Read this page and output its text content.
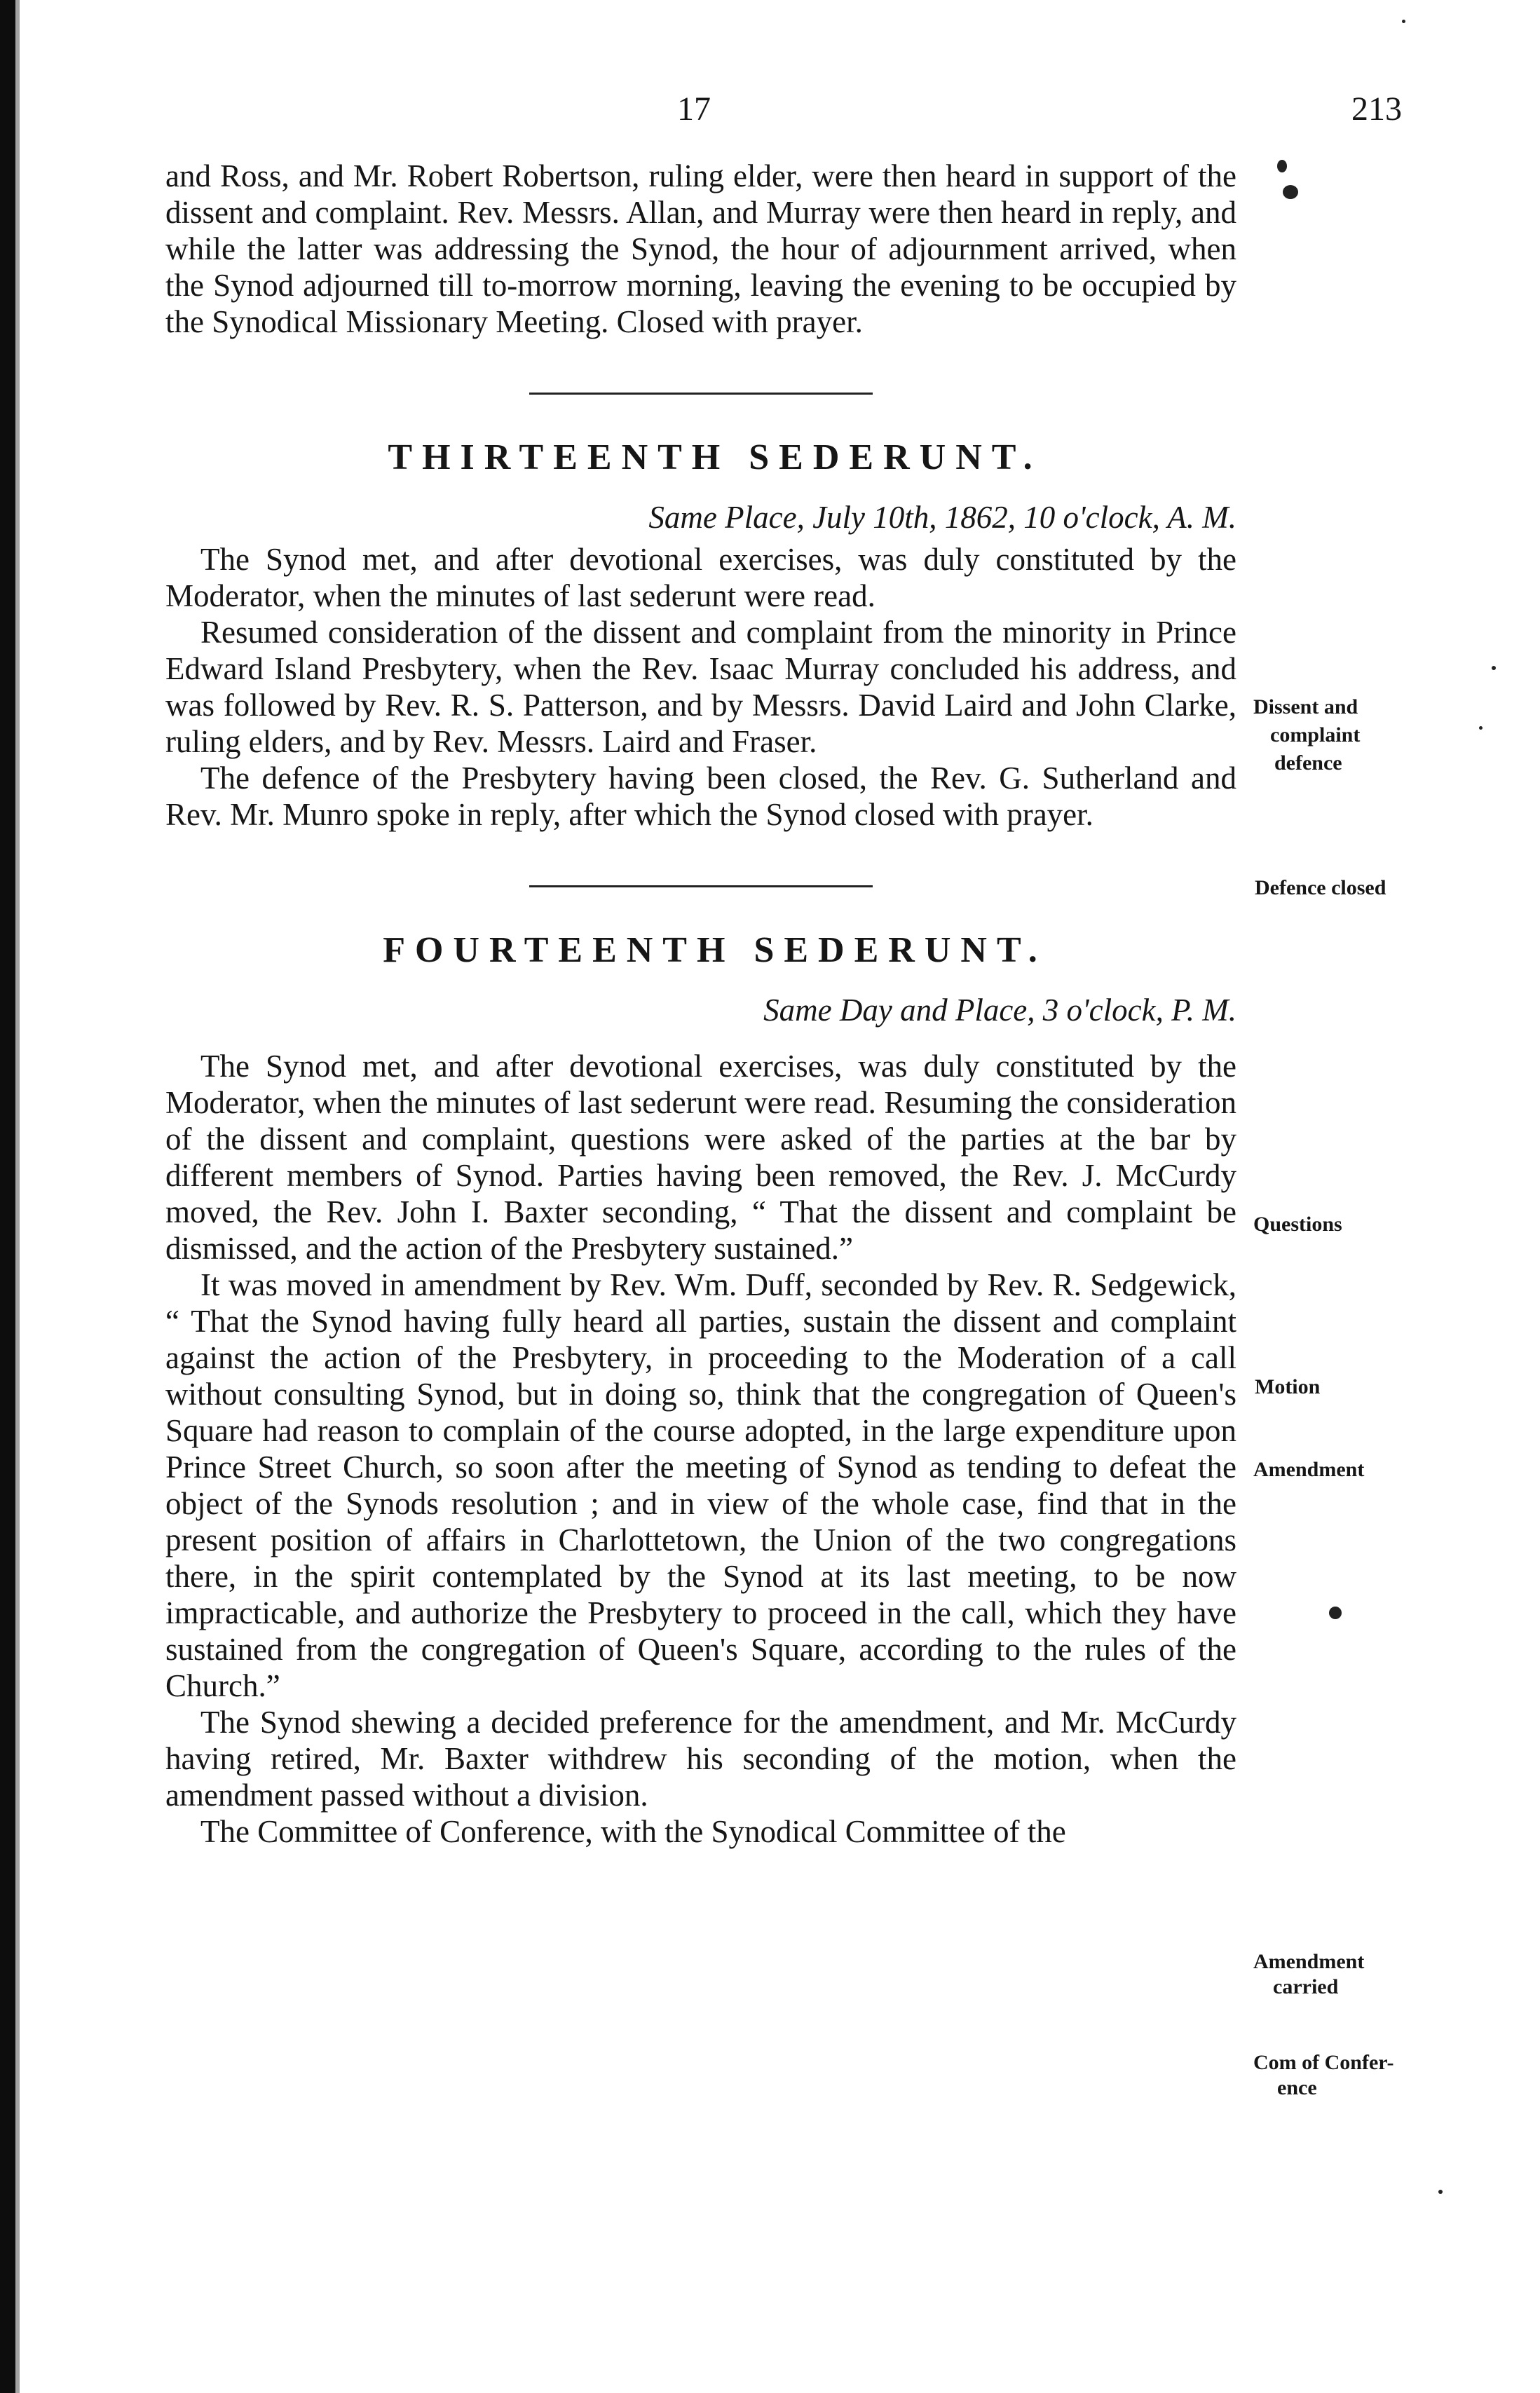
17	213

and Ross, and Mr. Robert Robertson, ruling elder, were then heard in support of the dissent and complaint. Rev. Messrs. Allan, and Murray were then heard in reply, and while the latter was addressing the Synod, the hour of adjournment arrived, when the Synod adjourned till to-morrow morning, leaving the evening to be occupied by the Synodical Missionary Meeting. Closed with prayer.

THIRTEENTH SEDERUNT.

Same Place, July 10th, 1862, 10 o'clock, A. M.

The Synod met, and after devotional exercises, was duly constituted by the Moderator, when the minutes of last sederunt were read.

Resumed consideration of the dissent and complaint from the minority in Prince Edward Island Presbytery, when the Rev. Isaac Murray concluded his address, and was followed by Rev. R. S. Patterson, and by Messrs. David Laird and John Clarke, ruling elders, and by Rev. Messrs. Laird and Fraser.

The defence of the Presbytery having been closed, the Rev. G. Sutherland and Rev. Mr. Munro spoke in reply, after which the Synod closed with prayer.

FOURTEENTH SEDERUNT.

Same Day and Place, 3 o'clock, P. M.

The Synod met, and after devotional exercises, was duly constituted by the Moderator, when the minutes of last sederunt were read. Resuming the consideration of the dissent and complaint, questions were asked of the parties at the bar by different members of Synod. Parties having been removed, the Rev. J. McCurdy moved, the Rev. John I. Baxter seconding, “ That the dissent and complaint be dismissed, and the action of the Presbytery sustained.”

It was moved in amendment by Rev. Wm. Duff, seconded by Rev. R. Sedgewick, “ That the Synod having fully heard all parties, sustain the dissent and complaint against the action of the Presbytery, in proceeding to the Moderation of a call without consulting Synod, but in doing so, think that the congregation of Queen's Square had reason to complain of the course adopted, in the large expenditure upon Prince Street Church, so soon after the meeting of Synod as tending to defeat the object of the Synods resolution ; and in view of the whole case, find that in the present position of affairs in Charlottetown, the Union of the two congregations there, in the spirit contemplated by the Synod at its last meeting, to be now impracticable, and authorize the Presbytery to proceed in the call, which they have sustained from the congregation of Queen's Square, according to the rules of the Church.”

The Synod shewing a decided preference for the amendment, and Mr. McCurdy having retired, Mr. Baxter withdrew his seconding of the motion, when the amendment passed without a division.

The Committee of Conference, with the Synodical Committee of the

Dissent and
complaint
defence
Defence closed
Questions
Motion
Amendment
Amendment
carried
Com of Confer-
ence
